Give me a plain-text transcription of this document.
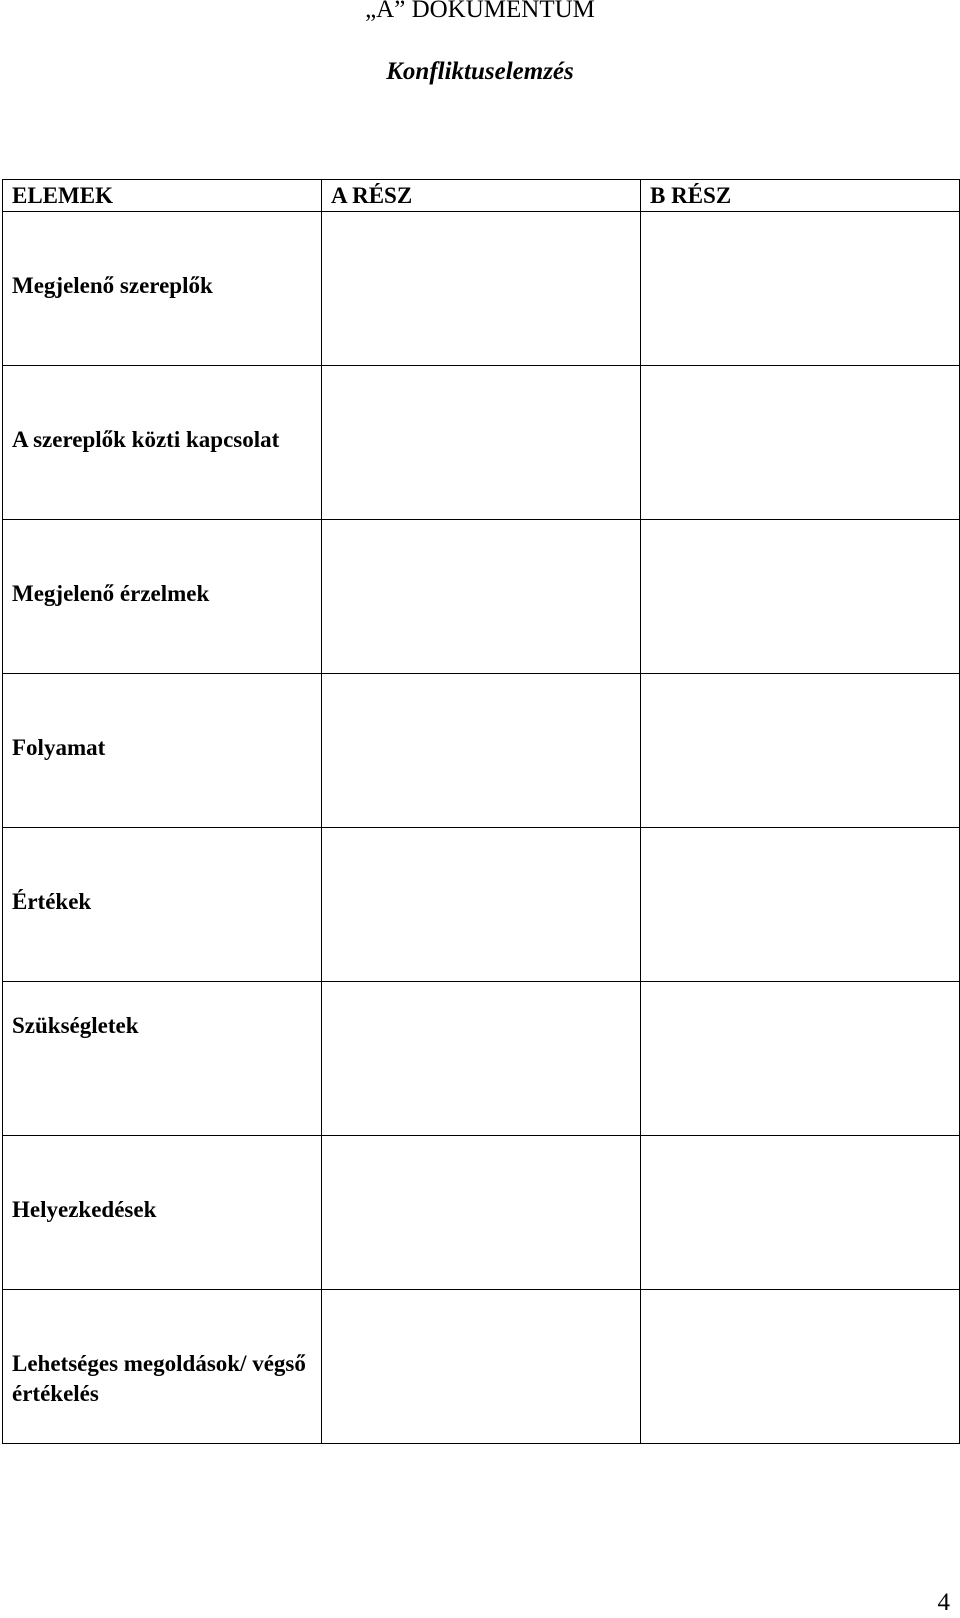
„A” DOKUMENTUM
Konfliktuselemzés
ELEMEK	A RÉSZ	B RÉSZ

Megjelenő szereplők		

A szereplők közti kapcsolat		

Megjelenő érzelmek		

Folyamat		

Értékek		

Szükségletek		

Helyezkedések		

Lehetséges megoldások/ végső értékelés		

4
